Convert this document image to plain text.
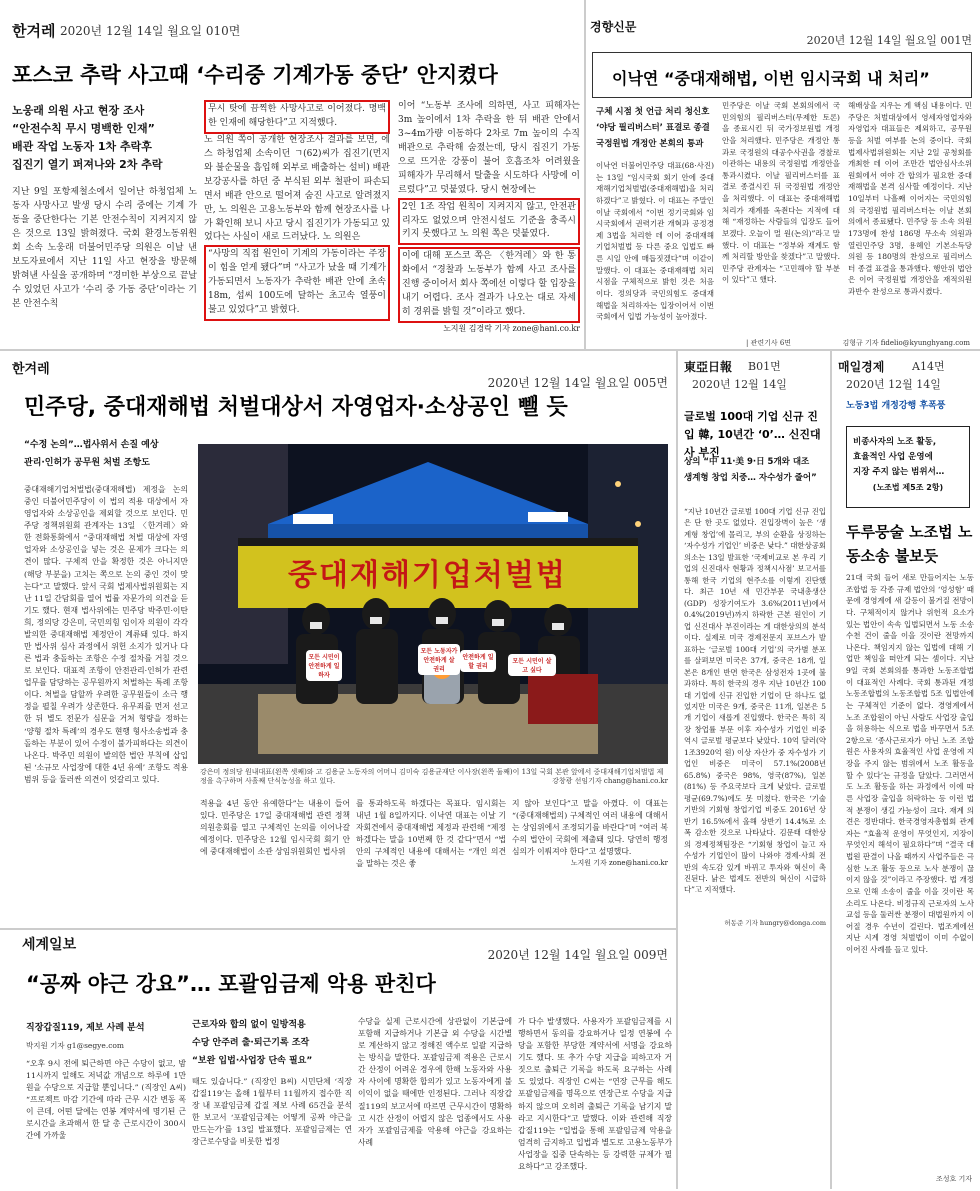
한겨레 2020년 12월 14일 월요일 010면
포스코 추락 사고때 ‘수리중 기계가동 중단’ 안지켰다
노웅래 의원 사고 현장 조사
“안전수칙 무시 명백한 인재”
배관 작업 노동자 1차 추락후
집진기 열기 퍼져나와 2차 추락
지난 9일 포항제철소에서 일어난 하청업체 노동자 사망사고 발생 당시 수리 중에는 기계 가동을 중단한다는 기본 안전수칙이 지켜지지 않은 것으로 13일 밝혀졌다. 국회 환경노동위원회 소속 노웅래 더불어민주당 의원은 이날 낸 보도자료에서 지난 11일 사고 현장을 방문해 밝혀낸 사실을 공개하며 “경미한 부상으로 끝날 수 있었던 사고가 ‘수리 중 가동 중단’이라는 기본 안전수칙
무시 탓에 끔찍한 사망사고로 이어졌다. 명백한 인재에 해당한다”고 지적했다.
노 의원 쪽이 공개한 현장조사 결과를 보면, 에스 하청업체 소속이던 ㄱ(62)씨가 집진기(먼지와 불순물을 흡입해 외부로 배출하는 설비) 배관 보강공사를 하던 중 부식된 외부 철판이 파손되면서 배관 안으로 떨어져 숨진 사고로 알려졌지만, 노 의원은 고용노동부와 함께 현장조사를 나가 확인해 보니 사고 당시 집진기가 가동되고 있었다는 사실이 새로 드러났다. 노 의원은
“사망의 직접 원인이 기계의 가동이라는 주장이 힘을 얻게 됐다”며 “사고가 났을 때 기계가 가동되면서 노동자가 추락한 배관 안에 초속 18m, 섭씨 100도에 달하는 초고속 열풍이 불고 있었다”고 밝혔다.
이어 “노동부 조사에 의하면, 사고 피해자는 3m 높이에서 1차 추락을 한 뒤 배관 안에서 3~4m가량 이동하다 2차로 7m 높이의 수직 배관으로 추락해 숨졌는데, 당시 집진기 가동으로 뜨거운 강풍이 불어 호흡조차 어려웠을 피해자가 무리해서 탈출을 시도하다 사망에 이르렀다”고 덧붙였다. 당시 현장에는
2인 1조 작업 원칙이 지켜지지 않고, 안전관리자도 없었으며 안전시설도 기준을 충족시키지 못했다고 노 의원 쪽은 덧붙였다.
이에 대해 포스코 쪽은 〈한겨레〉와 한 통화에서 “경찰과 노동부가 함께 사고 조사를 진행 중이어서 회사 쪽에선 이렇다 할 입장을 내기 어렵다. 조사 결과가 나오는 대로 자세히 경위를 밝힐 것”이라고 했다.
노지원 김경락 기자 zone@hani.co.kr
경향신문
2020년 12월 14일 월요일 001면
이낙연 “중대재해법, 이번 임시국회 내 처리”
구체 시점 첫 언급 처리 청신호
‘야당 필리버스터’ 표결로 종결
국정원법 개정안 본회의 통과
이낙연 더불어민주당 대표(68·사진)는 13일 “임시국회 회기 안에 중대재해기업처벌법(중대재해법)을 처리하겠다”고 밝혔다. 이 대표는 주말인 이날 국회에서 “이번 정기국회와 임시국회에서 권력기관 개혁과 공정경제 3법을 처리한 데 이어 중대재해기업처벌법 등 다른 중요 입법도 빠른 시일 안에 매듭짓겠다”며 이같이 말했다. 이 대표는 중대재해법 처리 시점을 구체적으로 밝힌 것은 처음이다. 정의당과 국민의힘도 중대재해법을 처리하자는 입장이어서 이번 국회에서 입법 가능성이 높아졌다.
민주당은 이날 국회 본회의에서 국민의힘의 필리버스터(무제한 토론)을 종료시킨 뒤 국가정보원법 개정안을 처리했다. 민주당은 개정안 통과로 국정원의 대공수사권을 경찰로 이관하는 내용의 국정원법 개정안을 통과시켰다. 이날 필리버스터를 표결로 종결시킨 뒤 국정원법 개정안을 처리했다. 이 대표는 중대재해법 처리가 재계를 옥죈다는 지적에 대해 “재정하는 사람들의 입장도 들어 보겠다. 오늘이 멀 원(논의)”라고 말했다. 이 대표는 “정부와 재계도 함께 처리할 방안을 찾겠다”고 말했다. 민주당 관계자는 “고민해야 할 부분이 있다”고 했다.
| 관련기사 6면
해배상을 지우는 게 핵심 내용이다. 민주당은 처벌대상에서 영세자영업자와 자영업자 대표들은 제외하고, 공무원 등을 처벌 여부를 논의 중이다. 국회 법제사법위원회는 지난 2일 공청회를 개최한 데 이어 조만간 법안심사소위원회에서 여야 간 합의가 필요한 중대재해법을 본격 심사할 예정이다. 지난 10일부터 나흘째 이어지는 국민의힘의 국정원법 필리버스터는 이날 본회의에서 종료됐다. 민주당 등 소속 의원 173명에 찬성 186명 무소속 의원과 열린민주당 3명, 용혜인 기본소득당 의원 등 180명의 찬성으로 필리버스터 종결 표결을 통과했다. 행안위 법안은 이어 국정원법 개정안을 재적의원 과반수 찬성으로 통과시켰다.
김형규 기자 fidelio@kyunghyang.com
한겨레
2020년 12월 14일 월요일 005면
민주당, 중대재해법 처벌대상서 자영업자·소상공인 뺄 듯
“수정 논의”…법사위서 손질 예상
관리·인허가 공무원 처벌 조항도
중대재해기업처벌법(중대재해법) 제정을 논의 중인 더불어민주당이 이 법의 적용 대상에서 자영업자와 소상공인을 제외할 것으로 보인다. 민주당 정책위원회 관계자는 13일 〈한겨레〉와 한 전화통화에서 “중대재해법 처벌 대상에 자영업자와 소상공인을 넣는 것은 문제가 크다는 의견이 많다. 구체적 안을 확정한 것은 아니지만 (해당 부분을) 고치는 쪽으로 논의 중인 것이 맞는다”고 말했다. 앞서 국회 법제사법위원회는 지난 11일 간담회를 열어 법률 자문가의 의견을 듣기도 했다. 현재 법사위에는 민주당 박주민·이탄희, 정의당 강은미, 국민의힘 임이자 의원이 각각 발의한 중대재해법 제정안이 계류돼 있다. 하지만 법사위 심사 과정에서 위헌 소지가 있거나 다른 법과 충돌하는 조항은 수정 절차를 거칠 것으로 보인다. 대표적 조항이 안전관리·인허가 관련 업무를 담당하는 공무원까지 처벌하는 특례 조항이다. 처벌을 담할까 우려한 공무원들이 소극 행정을 펼칠 우려가 상존한다. 유무죄를 먼저 선고한 뒤 별도 전문가 심문을 거쳐 형량을 정하는 ‘양형 절차 특례’의 경우도 현행 형사소송법과 충돌하는 부분이 있어 수정이 불가피하다는 의견이 나온다. 박주민 의원이 발의한 법안 부칙에 삽입된 ‘소규모 사업장에 대한 4년 유예’ 조항도 적용 범위 등을 둘러싼 의견이 엇갈리고 있다.
중대재해기업처벌법
모든 시민이 안전하게 일하자
모든 노동자가 안전하게 살 권리
안전하게 일할 권리
모든 시민이 살고 싶다
강은미 정의당 원내대표(왼쪽 셋째)와 고 김용균 노동자의 어머니 김미숙 김용균재단 이사장(왼쪽 둘째)이 13일 국회 본관 앞에서 중대재해기업처벌법 제정을 촉구하며 사흘째 단식농성을 하고 있다.	강창광 선임기자 chang@hani.co.kr
적용을 4년 동안 유예한다”는 내용이 들어 있다. 민주당은 17일 중대재해법 관련 정책 의원총회를 열고 구체적인 논의를 이어나갈 예정이다. 민주당은 12월 임시국회 회기 안에 중대재해법이 소관 상임위원회인 법사위
를 통과하도록 하겠다는 목표다. 임시회는 내년 1월 8일까지다. 이낙연 대표는 이날 기자회견에서 중대재해법 제정과 관련해 “제정하겠다는 말을 10번째 한 것 같다”면서 “법안의 구체적인 내용에 대해서는 “개인 의견을 말하는 것은 좋
지 않아 보인다”고 말을 아꼈다. 이 대표는 “(중대재해법의) 구체적인 여러 내용에 대해서는 상임위에서 조정되기를 바란다”며 “여러 복수의 법안이 국회에 제출돼 있다. 당연히 행정 심의가 이뤄져야 한다”고 설명했다.
노지원 기자 zone@hani.co.kr
東亞日報 B01면
2020년 12월 14일
글로벌 100대 기업 신규 진입 韓, 10년간 ‘0’… 신진대사 부진
상의 “中 11·美 9·日 5개와 대조
생계형 창업 치중… 자수성가 줄어”
“지난 10년간 글로벌 100대 기업 신규 진입은 단 한 곳도 없었다. 진입장벽이 높은 ‘생계형 창업’에 몰리고, 부의 순환을 상징하는 ‘자수성가 기업인’ 비중은 낮다.” 대한상공회의소는 13일 발표한 ‘국제비교로 본 우리 기업의 신진대사 현황과 정책시사점’ 보고서를 통해 한국 기업의 현주소를 이렇게 진단했다. 최근 10년 새 민간부문 국내총생산(GDP) 성장기여도가 3.6%(2011년)에서 0.4%(2019년)까지 하락한 근본 원인이 기업 신진대사 부진이라는 게 대한상의의 분석이다. 실제로 미국 경제전문지 포브스가 발표하는 ‘글로벌 100대 기업’의 국가별 분포를 살펴보면 미국은 37개, 중국은 18개, 일본은 8개인 반면 한국은 삼성전자 1곳에 불과하다. 특히 한국의 경우 지난 10년간 100대 기업에 신규 진입한 기업이 단 하나도 없었지만 미국은 9개, 중국은 11개, 일본은 5개 기업이 새롭게 진입했다. 한국은 특히 직장 창업률 부문 이후 자수성가 기업인 비중 역시 글로벌 평균보다 낮았다. 10억 달러(약 1조3920억 원) 이상 자산가 중 자수성가 기업인 비중은 미국이 57.1%(2008년 65.8%) 중국은 98%, 영국(87%), 일본(81%) 등 주요국보다 크게 낮았다. 글로벌 평균(69.7%)에도 못 미쳤다. 한국은 ‘기술 기반의 기회형 창업기업 비중도 2016년 상반기 16.5%에서 올해 상반기 14.4%로 소폭 감소한 것으로 나타났다. 김문태 대한상의 경제정책팀장은 “기회형 창업이 늘고 자수성가 기업인이 많이 나와야 경제·사회 전반의 속도감 있게 바뀌고 투자와 혁신이 촉진된다. 낡은 법제도 전반의 혁신이 시급하다”고 지적했다.
허동준 기자 hungry@donga.com
매일경제	A14면
2020년 12월 14일
노동3법 개정강행 후폭풍
비종사자의 노조 활동,
효율적인 사업 운영에
지장 주지 않는 범위서…
(노조법 제5조 2항)
두루뭉술 노조법 노동소송 불보듯
21대 국회 들어 새로 만들어지는 노동조합법 등 각종 규제 법안의 ‘엉성함’ 때문에 경영계에 새 갈등이 불거질 전망이다. 구체적이지 않거나 위헌적 요소가 있는 법안이 속속 입법되면서 노동 소송 수천 건이 줄을 이을 것이란 전망까지 나온다. 책임지지 않는 입법에 대해 기업만 책임을 떠안게 되는 셈이다. 지난 9일 국회 본회의를 통과한 노동조합법이 대표적인 사례다. 국회 통과된 개정 노동조합법의 노동조합법 5조 입법안에는 구체적인 기준이 없다. 경영계에서 노조 조합원이 아닌 사람도 사업장 출입을 허용하는 식으로 법을 바꾸면서 5조 2항으로 ‘종사근로자가 아닌 노조 조합원은 사용자의 효율적인 사업 운영에 지장을 주지 않는 범위에서 노조 활동을 할 수 있다’는 규정을 달았다. 그러면서도 노조 활동을 하는 과정에서 이에 따른 사업장 출입을 허락하는 등 이런 법적 분쟁이 생길 가능성이 크다. 재계 의견은 정반대다. 한국경영자총협회 관계자는 “효율적 운영이 무엇인지, 지장이 무엇인지 해석이 필요하다”며 “결국 대법원 판결이 나올 때까지 사업주들은 극심한 노조 활동 등으로 노사 분쟁이 끊이지 않을 것”이라고 주장했다. 법 개정으로 인해 소송이 줄을 이을 것이란 목소리도 나온다. 비정규직 근로자의 노사 교섭 등을 둘러싼 분쟁이 대법원까지 이어질 경우 수년이 걸린다. 법조계에선 지난 시계 경영 처벌법이 이미 수없이 이어진 사례를 들고 있다.
조성호 기자
세계일보
2020년 12월 14일 월요일 009면
“공짜 야근 강요”… 포괄임금제 악용 판친다
직장갑질119, 제보 사례 분석
박지원 기자 g1@segye.com
“오후 9시 전에 퇴근하면 야근 수당이 없고, 밤 11시까지 일해도 저녁값 개념으로 하루에 1만원을 수당으로 지급할 뿐입니다.” (직장인 A씨) “프로젝트 마감 기간에 따라 근무 시간 변동 폭이 큰데, 어떤 달에는 연봉 계약서에 명기된 근로시간을 초과해서 한 달 총 근로시간이 300시간에 가까울
근로자와 합의 없이 일방적용
수당 안주려 출·퇴근기록 조작
“보완 입법·사업장 단속 필요”
때도 있습니다.” (직장인 B씨) 시민단체 ‘직장갑질119’는 올해 1월부터 11월까지 접수한 직장 내 포괄임금제 갑질 제보 사례 65건을 분석한 보고서 ‘포괄임금제는 어떻게 공짜 야근을 만드는가’를 13일 발표했다. 포괄임금제는 연장근로수당을 비롯한 법정
수당을 실제 근로시간에 상관없이 기본급에 포함해 지급하거나 기본급 외 수당을 시간별로 계산하지 않고 정해진 액수로 일괄 지급하는 방식을 말한다. 포괄임금제 적용은 근로시간 산정이 어려운 경우에 한해 노동자와 사용자 사이에 명확한 합의가 있고 노동자에게 불이익이 없을 때에만 인정된다. 그러나 직장갑질119의 보고서에 따르면 근무시간이 명확하고 시간 산정이 어렵지 않은 업종에서도 사용자가 포괄임금제를 악용해 야근을 강요하는 사례
가 다수 발생했다. 사용자가 포괄임금제를 시행하면서 동의를 강요하거나 일정 연봉에 수당을 포함한 부당한 계약서에 서명을 강요하기도 했다. 또 추가 수당 지급을 피하고자 거짓으로 출퇴근 기록을 하도록 요구하는 사례도 있었다. 직장인 C씨는 “연장 근무를 해도 포괄임금제를 명목으로 연장근로 수당을 지급하지 않으며 오히려 출퇴근 기록을 남기지 말라고 지시한다”고 말했다. 이와 관련해 직장갑질119는 “입법을 통해 포괄임금제 악용을 엄격히 금지하고 입법과 별도로 고용노동부가 사업장을 집중 단속하는 등 강력한 규제가 필요하다”고 강조했다.
